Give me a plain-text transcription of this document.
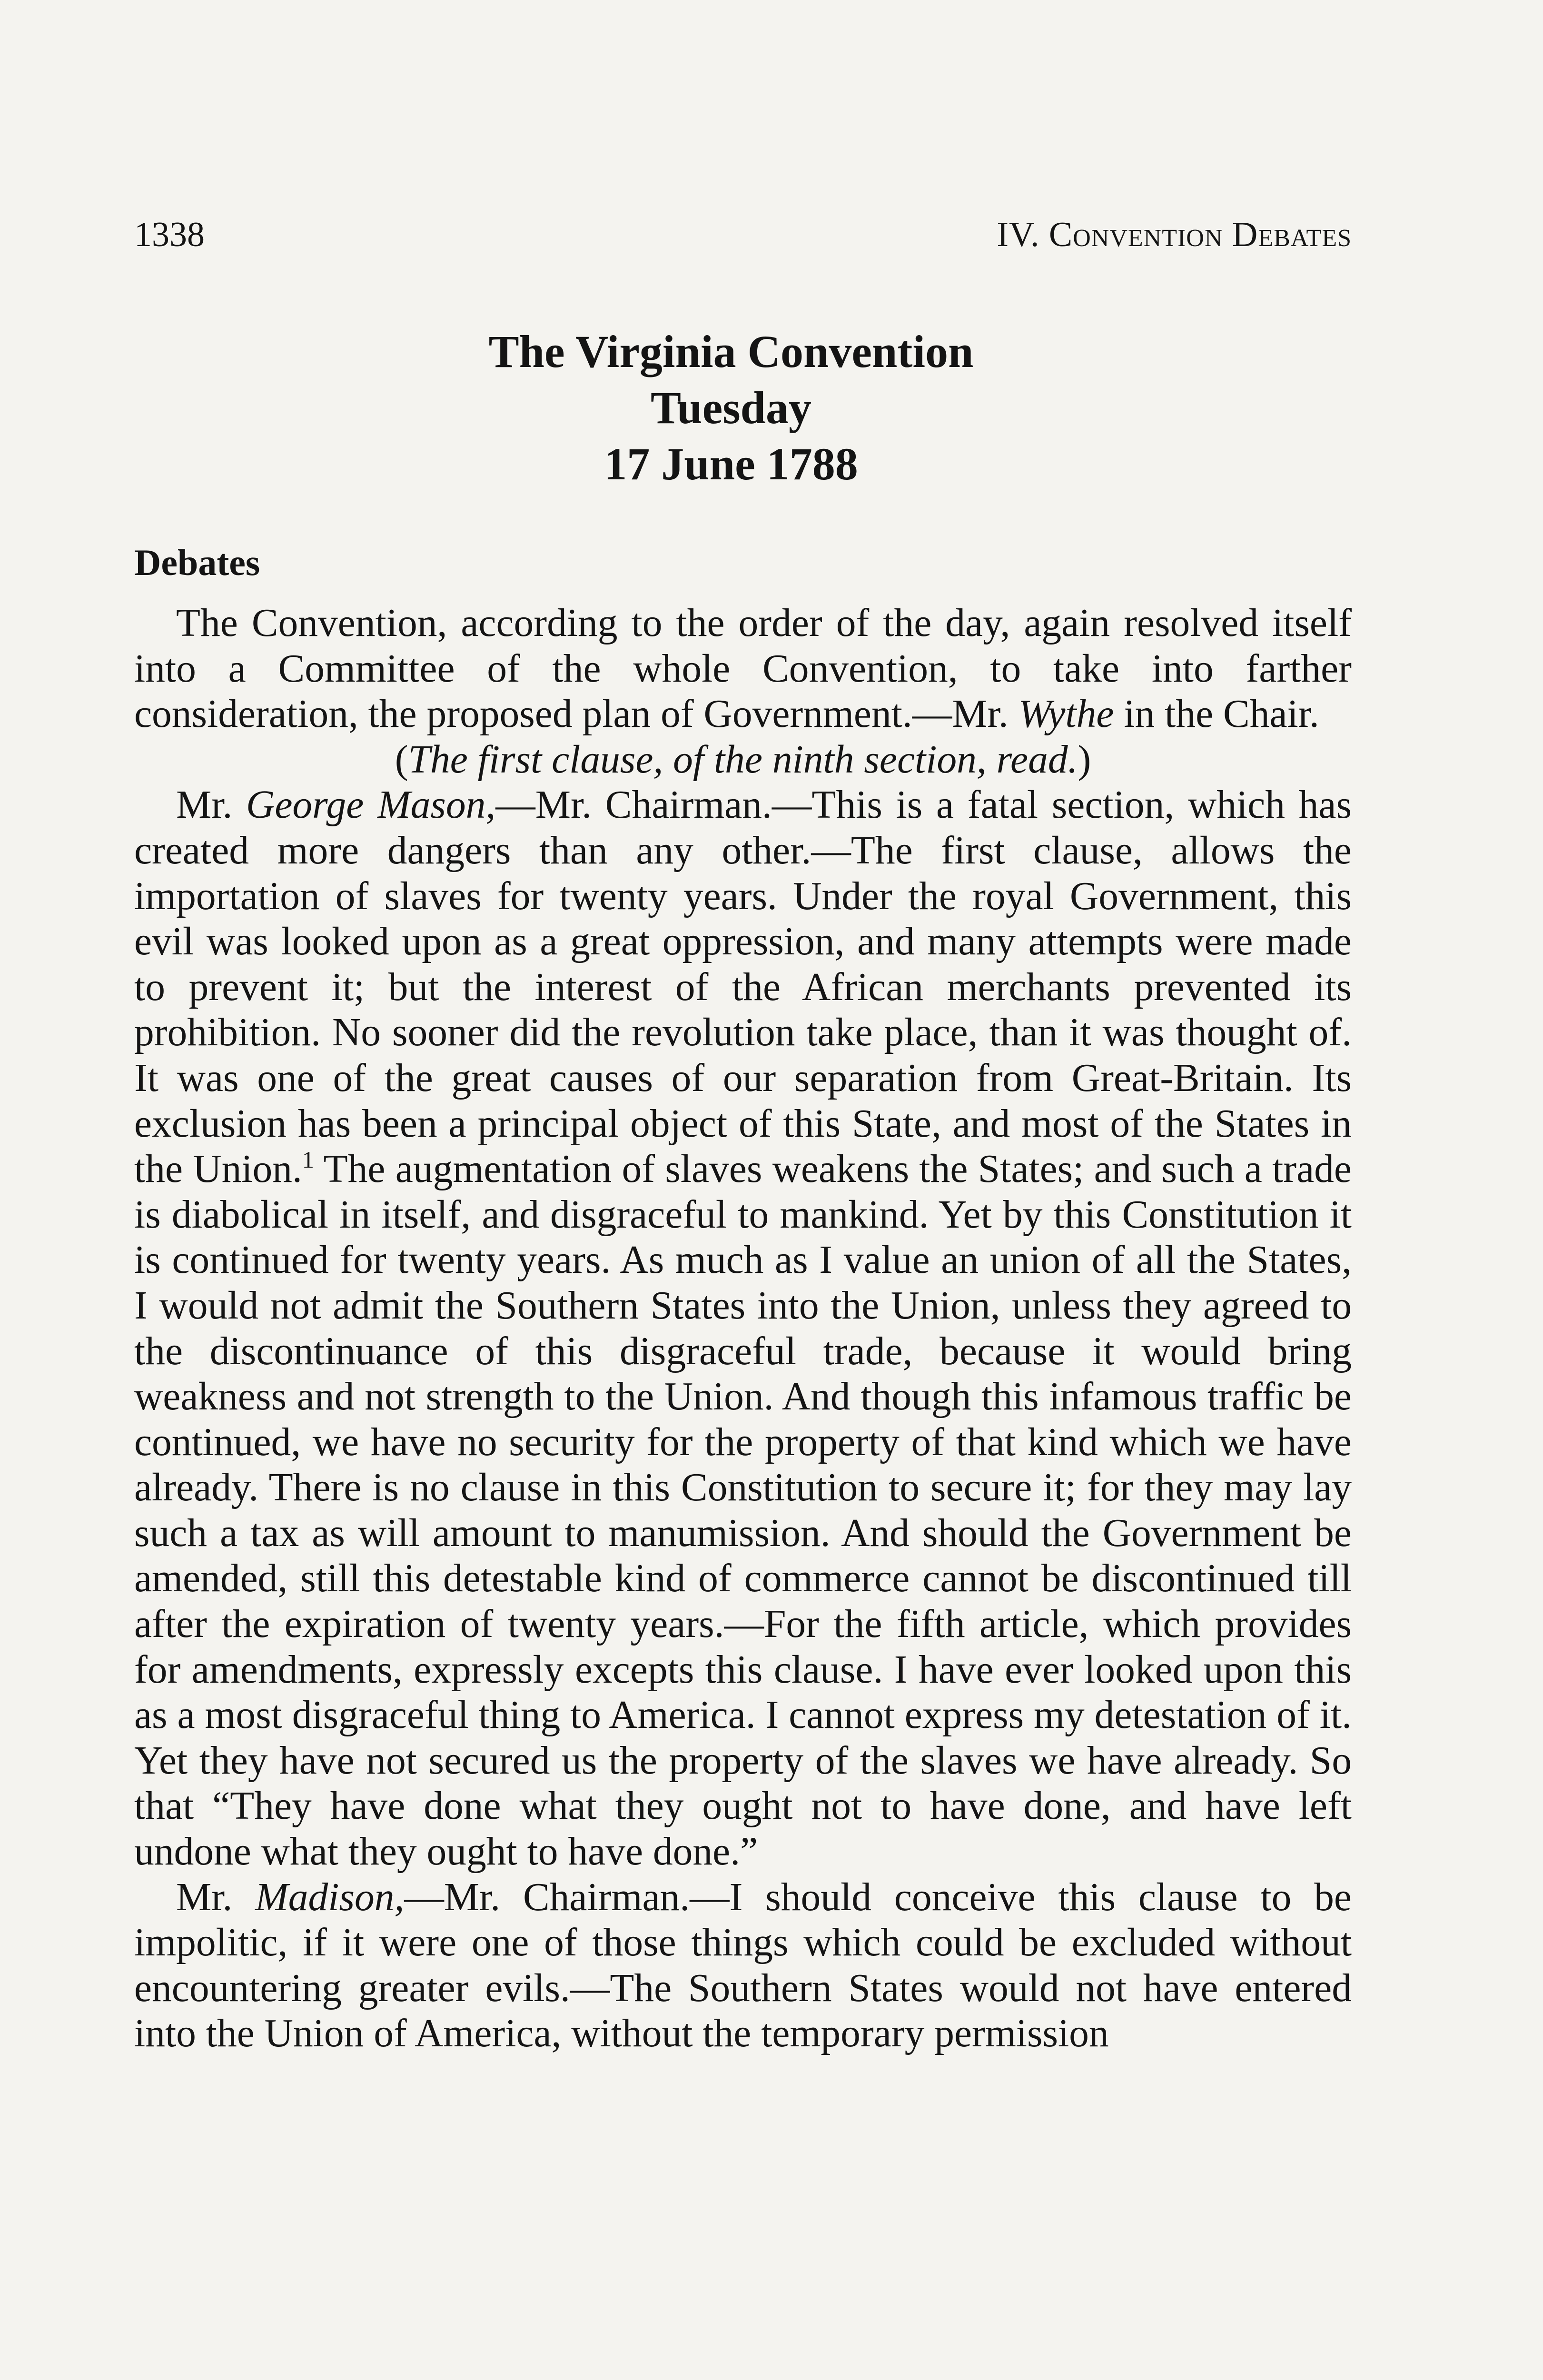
1338	IV. Convention Debates
The Virginia Convention
Tuesday
17 June 1788
Debates

The Convention, according to the order of the day, again resolved itself into a Committee of the whole Convention, to take into farther consideration, the proposed plan of Government.—Mr. Wythe in the Chair.

(The first clause, of the ninth section, read.)

Mr. George Mason,—Mr. Chairman.—This is a fatal section, which has created more dangers than any other.—The first clause, allows the importation of slaves for twenty years. Under the royal Government, this evil was looked upon as a great oppression, and many attempts were made to prevent it; but the interest of the African merchants prevented its prohibition. No sooner did the revolution take place, than it was thought of. It was one of the great causes of our separation from Great-Britain. Its exclusion has been a principal object of this State, and most of the States in the Union.$^1$ The augmentation of slaves weakens the States; and such a trade is diabolical in itself, and disgraceful to mankind. Yet by this Constitution it is continued for twenty years. As much as I value an union of all the States, I would not admit the Southern States into the Union, unless they agreed to the discontinuance of this disgraceful trade, because it would bring weakness and not strength to the Union. And though this infamous traffic be continued, we have no security for the property of that kind which we have already. There is no clause in this Constitution to secure it; for they may lay such a tax as will amount to manumission. And should the Government be amended, still this detestable kind of commerce cannot be discontinued till after the expiration of twenty years.—For the fifth article, which provides for amendments, expressly excepts this clause. I have ever looked upon this as a most disgraceful thing to America. I cannot express my detestation of it. Yet they have not secured us the property of the slaves we have already. So that “They have done what they ought not to have done, and have left undone what they ought to have done.”

Mr. Madison,—Mr. Chairman.—I should conceive this clause to be impolitic, if it were one of those things which could be excluded without encountering greater evils.—The Southern States would not have entered into the Union of America, without the temporary permission
